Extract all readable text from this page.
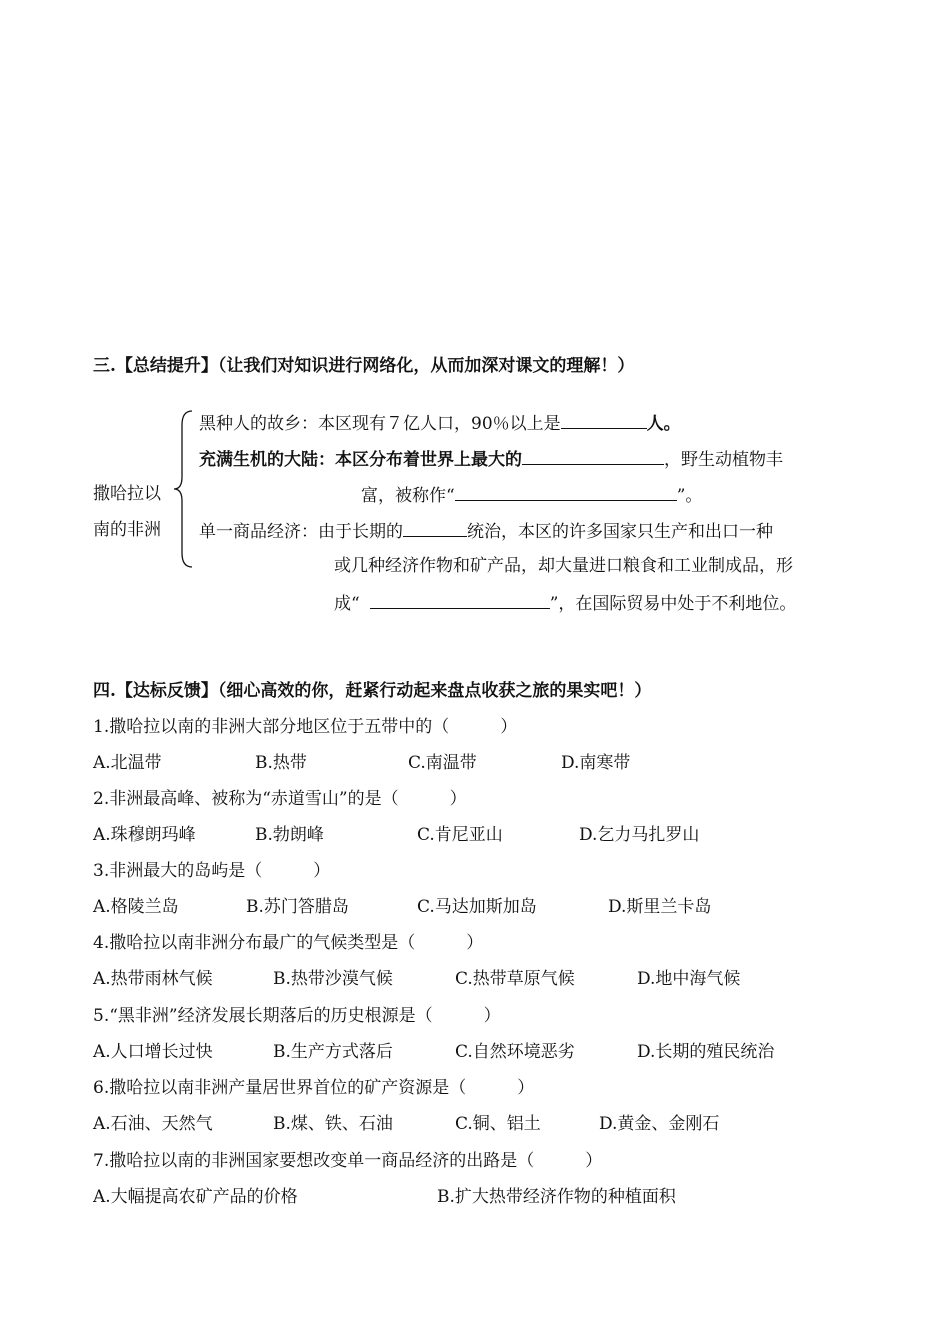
三.【总结提升】（让我们对知识进行网络化，从而加深对课文的理解！）
撒哈拉以
南的非洲
黑种人的故乡：本区现有７亿人口，90％以上是	人。
充满生机的大陆：本区分布着世界上最大的	，野生动植物丰
富，被称作“	”。
单一商品经济：由于长期的	统治，本区的许多国家只生产和出口一种
或几种经济作物和矿产品，却大量进口粮食和工业制成品，形
成“	”，在国际贸易中处于不利地位。
四.【达标反馈】（细心高效的你，赶紧行动起来盘点收获之旅的果实吧！）
1.撒哈拉以南的非洲大部分地区位于五带中的（　　　）
A.北温带	B.热带	C.南温带	D.南寒带
2.非洲最高峰、被称为“赤道雪山”的是（　　　）
A.珠穆朗玛峰	B.勃朗峰	C.肯尼亚山	D.乞力马扎罗山
3.非洲最大的岛屿是（　　　）
A.格陵兰岛	B.苏门答腊岛	C.马达加斯加岛	D.斯里兰卡岛
4.撒哈拉以南非洲分布最广的气候类型是（　　　）
A.热带雨林气候	B.热带沙漠气候	C.热带草原气候	D.地中海气候
5.“黑非洲”经济发展长期落后的历史根源是（　　　）
A.人口增长过快	B.生产方式落后	C.自然环境恶劣	D.长期的殖民统治
6.撒哈拉以南非洲产量居世界首位的矿产资源是（　　　）
A.石油、天然气	B.煤、铁、石油	C.铜、铝土	D.黄金、金刚石
7.撒哈拉以南的非洲国家要想改变单一商品经济的出路是（　　　）
A.大幅提高农矿产品的价格	B.扩大热带经济作物的种植面积
